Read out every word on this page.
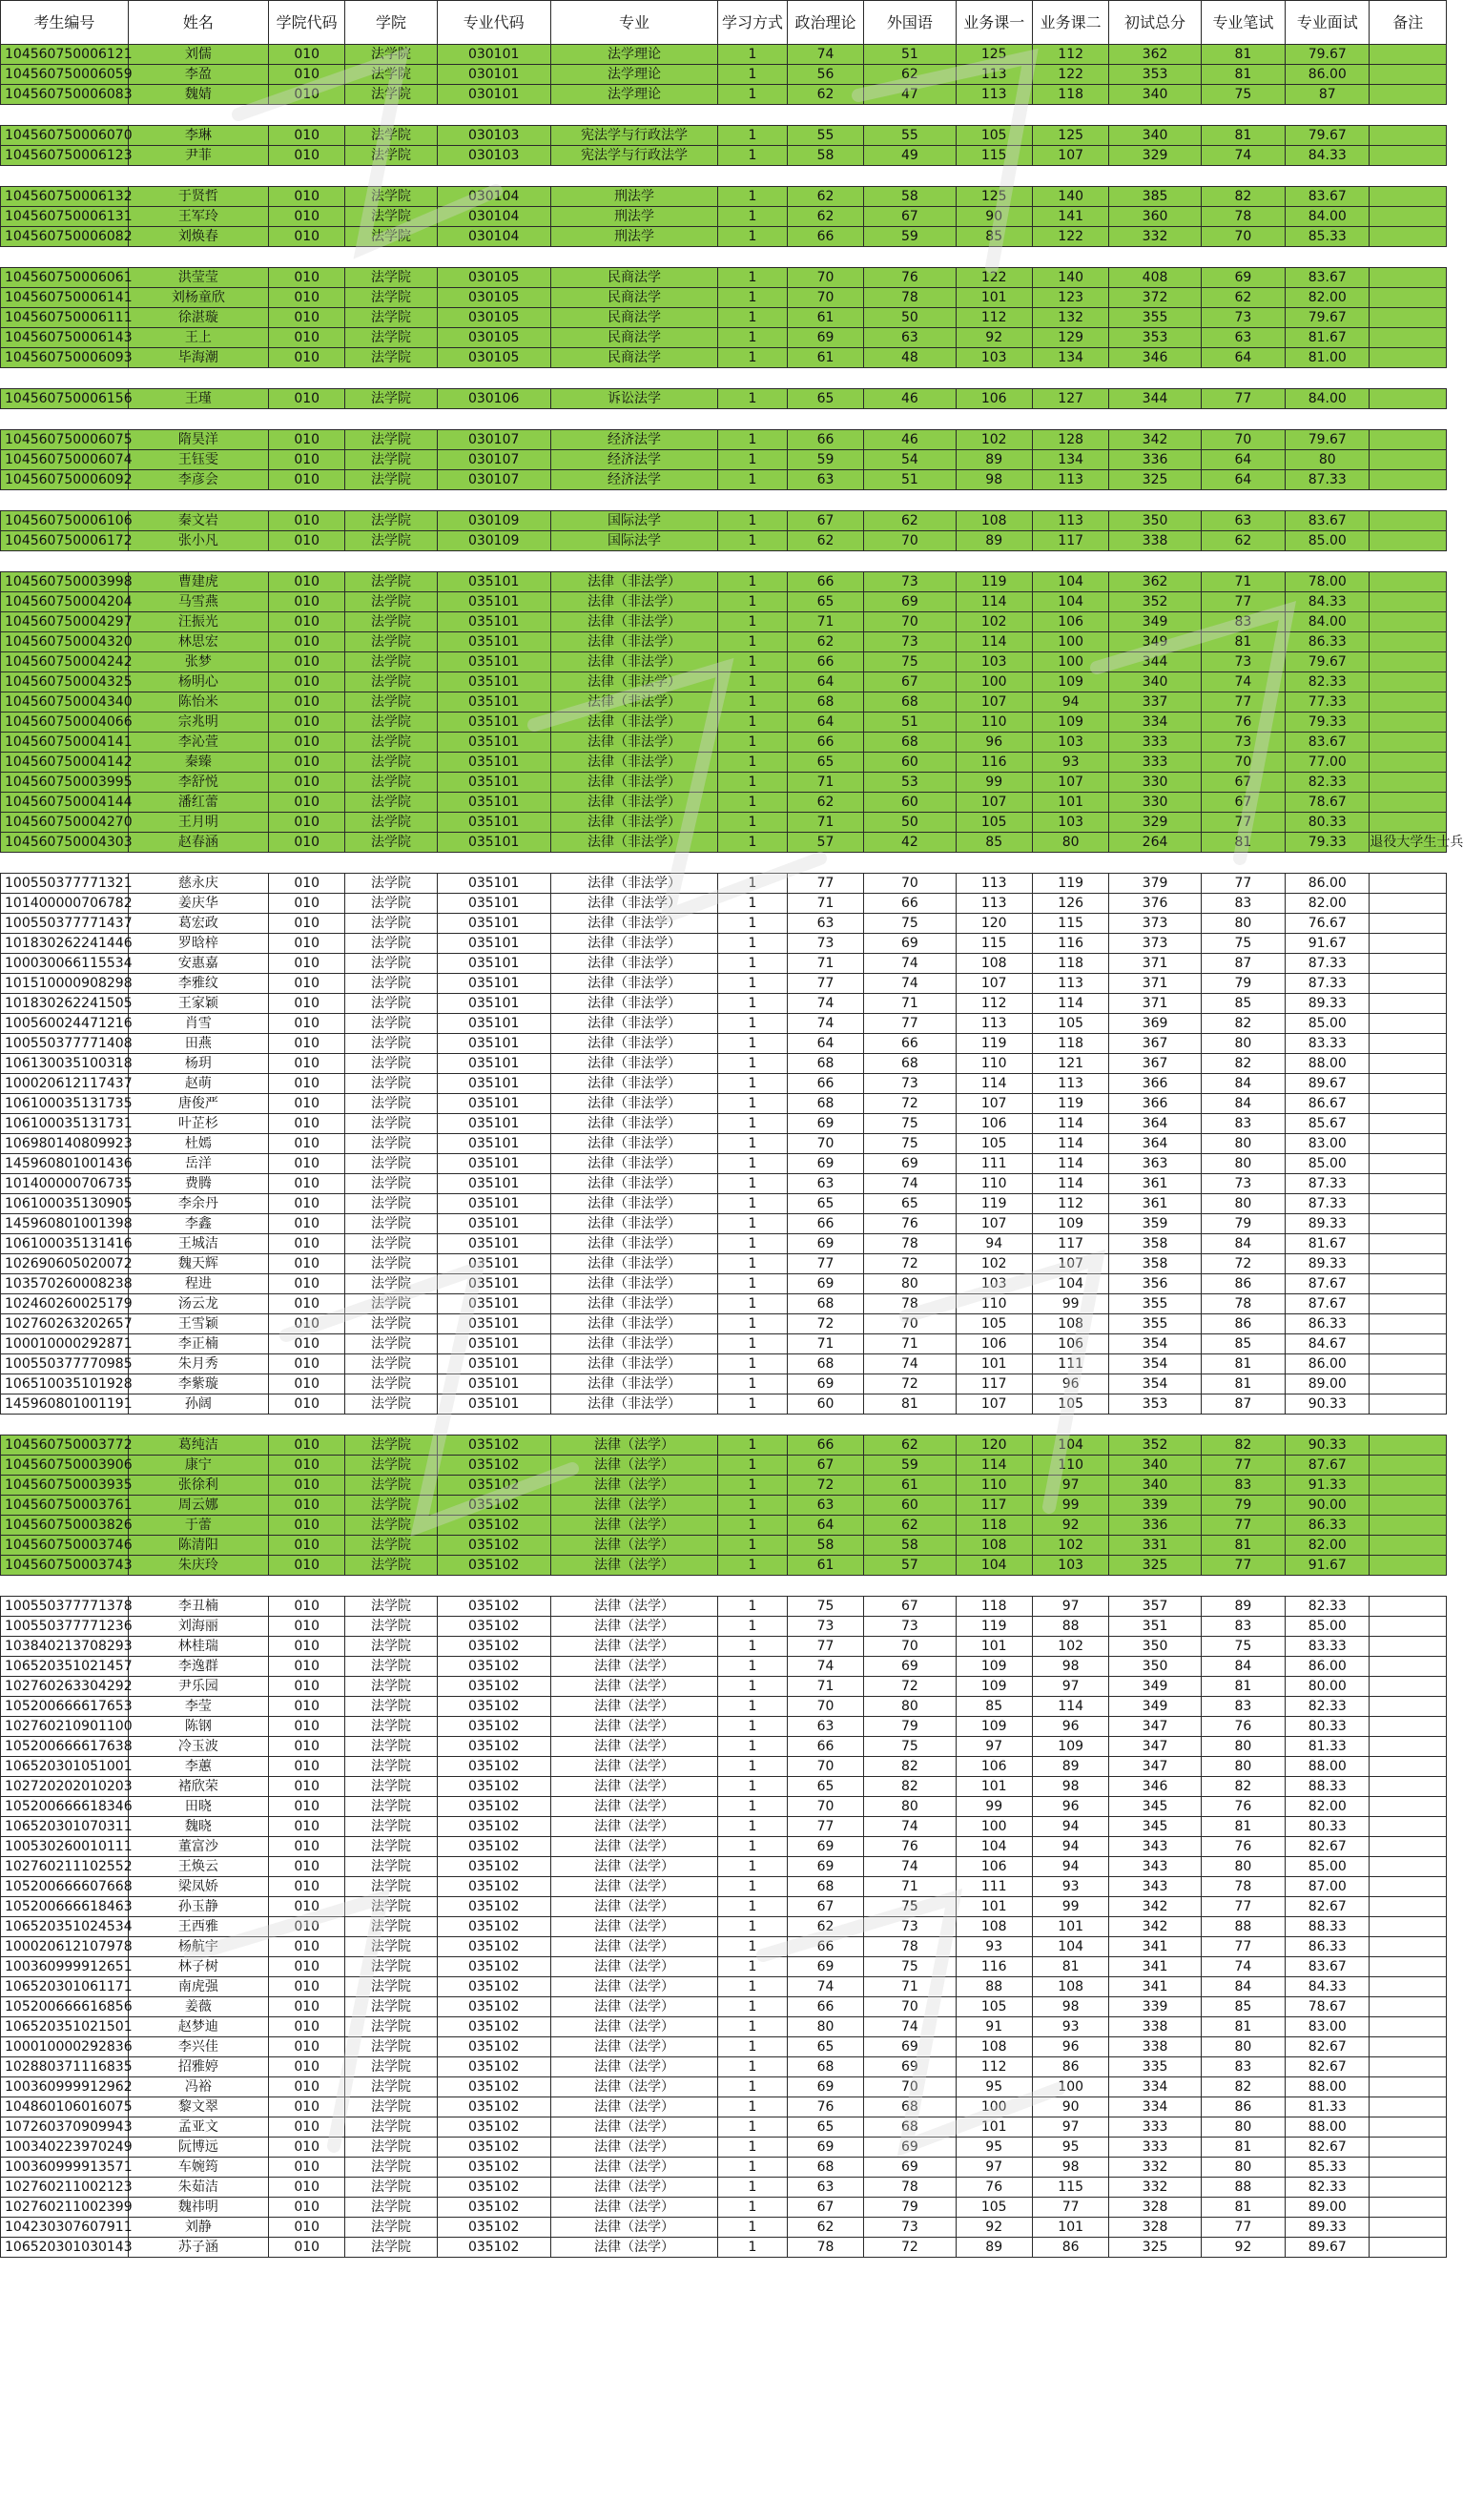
考生编号	姓名	学院代码	学院	专业代码	专业	学习方式	政治理论	外国语	业务课一	业务课二	初试总分	专业笔试	专业面试	备注
104560750006121	刘儒	010	法学院	030101	法学理论	1	74	51	125	112	362	81	79.67	
104560750006059	李盈	010	法学院	030101	法学理论	1	56	62	113	122	353	81	86.00	
104560750006083	魏婧	010	法学院	030101	法学理论	1	62	47	113	118	340	75	87	

104560750006070	李琳	010	法学院	030103	宪法学与行政法学	1	55	55	105	125	340	81	79.67	
104560750006123	尹菲	010	法学院	030103	宪法学与行政法学	1	58	49	115	107	329	74	84.33	

104560750006132	于贤哲	010	法学院	030104	刑法学	1	62	58	125	140	385	82	83.67	
104560750006131	王军玲	010	法学院	030104	刑法学	1	62	67	90	141	360	78	84.00	
104560750006082	刘焕春	010	法学院	030104	刑法学	1	66	59	85	122	332	70	85.33	

104560750006061	洪莹莹	010	法学院	030105	民商法学	1	70	76	122	140	408	69	83.67	
104560750006141	刘杨童欣	010	法学院	030105	民商法学	1	70	78	101	123	372	62	82.00	
104560750006111	徐湛璇	010	法学院	030105	民商法学	1	61	50	112	132	355	73	79.67	
104560750006143	王上	010	法学院	030105	民商法学	1	69	63	92	129	353	63	81.67	
104560750006093	毕海潮	010	法学院	030105	民商法学	1	61	48	103	134	346	64	81.00	

104560750006156	王瑾	010	法学院	030106	诉讼法学	1	65	46	106	127	344	77	84.00	

104560750006075	隋昊洋	010	法学院	030107	经济法学	1	66	46	102	128	342	70	79.67	
104560750006074	王钰雯	010	法学院	030107	经济法学	1	59	54	89	134	336	64	80	
104560750006092	李彦会	010	法学院	030107	经济法学	1	63	51	98	113	325	64	87.33	

104560750006106	秦文岩	010	法学院	030109	国际法学	1	67	62	108	113	350	63	83.67	
104560750006172	张小凡	010	法学院	030109	国际法学	1	62	70	89	117	338	62	85.00	

104560750003998	曹建虎	010	法学院	035101	法律（非法学）	1	66	73	119	104	362	71	78.00	
104560750004204	马雪燕	010	法学院	035101	法律（非法学）	1	65	69	114	104	352	77	84.33	
104560750004297	汪振光	010	法学院	035101	法律（非法学）	1	71	70	102	106	349	83	84.00	
104560750004320	林思宏	010	法学院	035101	法律（非法学）	1	62	73	114	100	349	81	86.33	
104560750004242	张梦	010	法学院	035101	法律（非法学）	1	66	75	103	100	344	73	79.67	
104560750004325	杨明心	010	法学院	035101	法律（非法学）	1	64	67	100	109	340	74	82.33	
104560750004340	陈怡米	010	法学院	035101	法律（非法学）	1	68	68	107	94	337	77	77.33	
104560750004066	宗兆明	010	法学院	035101	法律（非法学）	1	64	51	110	109	334	76	79.33	
104560750004141	李沁萱	010	法学院	035101	法律（非法学）	1	66	68	96	103	333	73	83.67	
104560750004142	秦臻	010	法学院	035101	法律（非法学）	1	65	60	116	93	333	70	77.00	
104560750003995	李舒悦	010	法学院	035101	法律（非法学）	1	71	53	99	107	330	67	82.33	
104560750004144	潘红蕾	010	法学院	035101	法律（非法学）	1	62	60	107	101	330	67	78.67	
104560750004270	王月明	010	法学院	035101	法律（非法学）	1	71	50	105	103	329	77	80.33	
104560750004303	赵春涵	010	法学院	035101	法律（非法学）	1	57	42	85	80	264	81	79.33	退役大学生士兵

100550377771321	慈永庆	010	法学院	035101	法律（非法学）	1	77	70	113	119	379	77	86.00	
101400000706782	姜庆华	010	法学院	035101	法律（非法学）	1	71	66	113	126	376	83	82.00	
100550377771437	葛宏政	010	法学院	035101	法律（非法学）	1	63	75	120	115	373	80	76.67	
101830262241446	罗晗梓	010	法学院	035101	法律（非法学）	1	73	69	115	116	373	75	91.67	
100030066115534	安惠嘉	010	法学院	035101	法律（非法学）	1	71	74	108	118	371	87	87.33	
101510000908298	李雅纹	010	法学院	035101	法律（非法学）	1	77	74	107	113	371	79	87.33	
101830262241505	王家颖	010	法学院	035101	法律（非法学）	1	74	71	112	114	371	85	89.33	
100560024471216	肖雪	010	法学院	035101	法律（非法学）	1	74	77	113	105	369	82	85.00	
100550377771408	田燕	010	法学院	035101	法律（非法学）	1	64	66	119	118	367	80	83.33	
106130035100318	杨玥	010	法学院	035101	法律（非法学）	1	68	68	110	121	367	82	88.00	
100020612117437	赵萌	010	法学院	035101	法律（非法学）	1	66	73	114	113	366	84	89.67	
106100035131735	唐俊严	010	法学院	035101	法律（非法学）	1	68	72	107	119	366	84	86.67	
106100035131731	叶芷杉	010	法学院	035101	法律（非法学）	1	69	75	106	114	364	83	85.67	
106980140809923	杜嫣	010	法学院	035101	法律（非法学）	1	70	75	105	114	364	80	83.00	
145960801001436	岳洋	010	法学院	035101	法律（非法学）	1	69	69	111	114	363	80	85.00	
101400000706735	费腾	010	法学院	035101	法律（非法学）	1	63	74	110	114	361	73	87.33	
106100035130905	李余丹	010	法学院	035101	法律（非法学）	1	65	65	119	112	361	80	87.33	
145960801001398	李鑫	010	法学院	035101	法律（非法学）	1	66	76	107	109	359	79	89.33	
106100035131416	王城洁	010	法学院	035101	法律（非法学）	1	69	78	94	117	358	84	81.67	
102690605020072	魏天辉	010	法学院	035101	法律（非法学）	1	77	72	102	107	358	72	89.33	
103570260008238	程进	010	法学院	035101	法律（非法学）	1	69	80	103	104	356	86	87.67	
102460260025179	汤云龙	010	法学院	035101	法律（非法学）	1	68	78	110	99	355	78	87.67	
102760263202657	王雪颖	010	法学院	035101	法律（非法学）	1	72	70	105	108	355	86	86.33	
100010000292871	李正楠	010	法学院	035101	法律（非法学）	1	71	71	106	106	354	85	84.67	
100550377770985	朱月秀	010	法学院	035101	法律（非法学）	1	68	74	101	111	354	81	86.00	
106510035101928	李紫璇	010	法学院	035101	法律（非法学）	1	69	72	117	96	354	81	89.00	
145960801001191	孙阔	010	法学院	035101	法律（非法学）	1	60	81	107	105	353	87	90.33	

104560750003772	葛纯洁	010	法学院	035102	法律（法学）	1	66	62	120	104	352	82	90.33	
104560750003906	康宁	010	法学院	035102	法律（法学）	1	67	59	114	110	340	77	87.67	
104560750003935	张徐利	010	法学院	035102	法律（法学）	1	72	61	110	97	340	83	91.33	
104560750003761	周云娜	010	法学院	035102	法律（法学）	1	63	60	117	99	339	79	90.00	
104560750003826	于蕾	010	法学院	035102	法律（法学）	1	64	62	118	92	336	77	86.33	
104560750003746	陈清阳	010	法学院	035102	法律（法学）	1	58	58	108	102	331	81	82.00	
104560750003743	朱庆玲	010	法学院	035102	法律（法学）	1	61	57	104	103	325	77	91.67	

100550377771378	李丑楠	010	法学院	035102	法律（法学）	1	75	67	118	97	357	89	82.33	
100550377771236	刘海丽	010	法学院	035102	法律（法学）	1	73	73	119	88	351	83	85.00	
103840213708293	林桂瑞	010	法学院	035102	法律（法学）	1	77	70	101	102	350	75	83.33	
106520351021457	李逸群	010	法学院	035102	法律（法学）	1	74	69	109	98	350	84	86.00	
102760263304292	尹乐园	010	法学院	035102	法律（法学）	1	71	72	109	97	349	81	80.00	
105200666617653	李莹	010	法学院	035102	法律（法学）	1	70	80	85	114	349	83	82.33	
102760210901100	陈钢	010	法学院	035102	法律（法学）	1	63	79	109	96	347	76	80.33	
105200666617638	冷玉波	010	法学院	035102	法律（法学）	1	66	75	97	109	347	80	81.33	
106520301051001	李蕙	010	法学院	035102	法律（法学）	1	70	82	106	89	347	80	88.00	
102720202010203	褚欣荣	010	法学院	035102	法律（法学）	1	65	82	101	98	346	82	88.33	
105200666618346	田晓	010	法学院	035102	法律（法学）	1	70	80	99	96	345	76	82.00	
106520301070311	魏晓	010	法学院	035102	法律（法学）	1	77	74	100	94	345	81	80.33	
100530260010111	董富沙	010	法学院	035102	法律（法学）	1	69	76	104	94	343	76	82.67	
102760211102552	王焕云	010	法学院	035102	法律（法学）	1	69	74	106	94	343	80	85.00	
105200666607668	梁凤娇	010	法学院	035102	法律（法学）	1	68	71	111	93	343	78	87.00	
105200666618463	孙玉静	010	法学院	035102	法律（法学）	1	67	75	101	99	342	77	82.67	
106520351024534	王西雅	010	法学院	035102	法律（法学）	1	62	73	108	101	342	88	88.33	
100020612107978	杨航宇	010	法学院	035102	法律（法学）	1	66	78	93	104	341	77	86.33	
100360999912651	林子树	010	法学院	035102	法律（法学）	1	69	75	116	81	341	74	83.67	
106520301061171	南虎强	010	法学院	035102	法律（法学）	1	74	71	88	108	341	84	84.33	
105200666616856	姜薇	010	法学院	035102	法律（法学）	1	66	70	105	98	339	85	78.67	
106520351021501	赵梦迪	010	法学院	035102	法律（法学）	1	80	74	91	93	338	81	83.00	
100010000292836	李兴佳	010	法学院	035102	法律（法学）	1	65	69	108	96	338	80	82.67	
102880371116835	招雅婷	010	法学院	035102	法律（法学）	1	68	69	112	86	335	83	82.67	
100360999912962	冯裕	010	法学院	035102	法律（法学）	1	69	70	95	100	334	82	88.00	
104860106016075	黎文翠	010	法学院	035102	法律（法学）	1	76	68	100	90	334	86	81.33	
107260370909943	孟亚文	010	法学院	035102	法律（法学）	1	65	68	101	97	333	80	88.00	
100340223970249	阮博远	010	法学院	035102	法律（法学）	1	69	69	95	95	333	81	82.67	
100360999913571	车婉筠	010	法学院	035102	法律（法学）	1	68	69	97	98	332	80	85.33	
102760211002123	朱茹洁	010	法学院	035102	法律（法学）	1	63	78	76	115	332	88	82.33	
102760211002399	魏祎明	010	法学院	035102	法律（法学）	1	67	79	105	77	328	81	89.00	
104230307607911	刘静	010	法学院	035102	法律（法学）	1	62	73	92	101	328	77	89.33	
106520301030143	苏子涵	010	法学院	035102	法律（法学）	1	78	72	89	86	325	92	89.67	
